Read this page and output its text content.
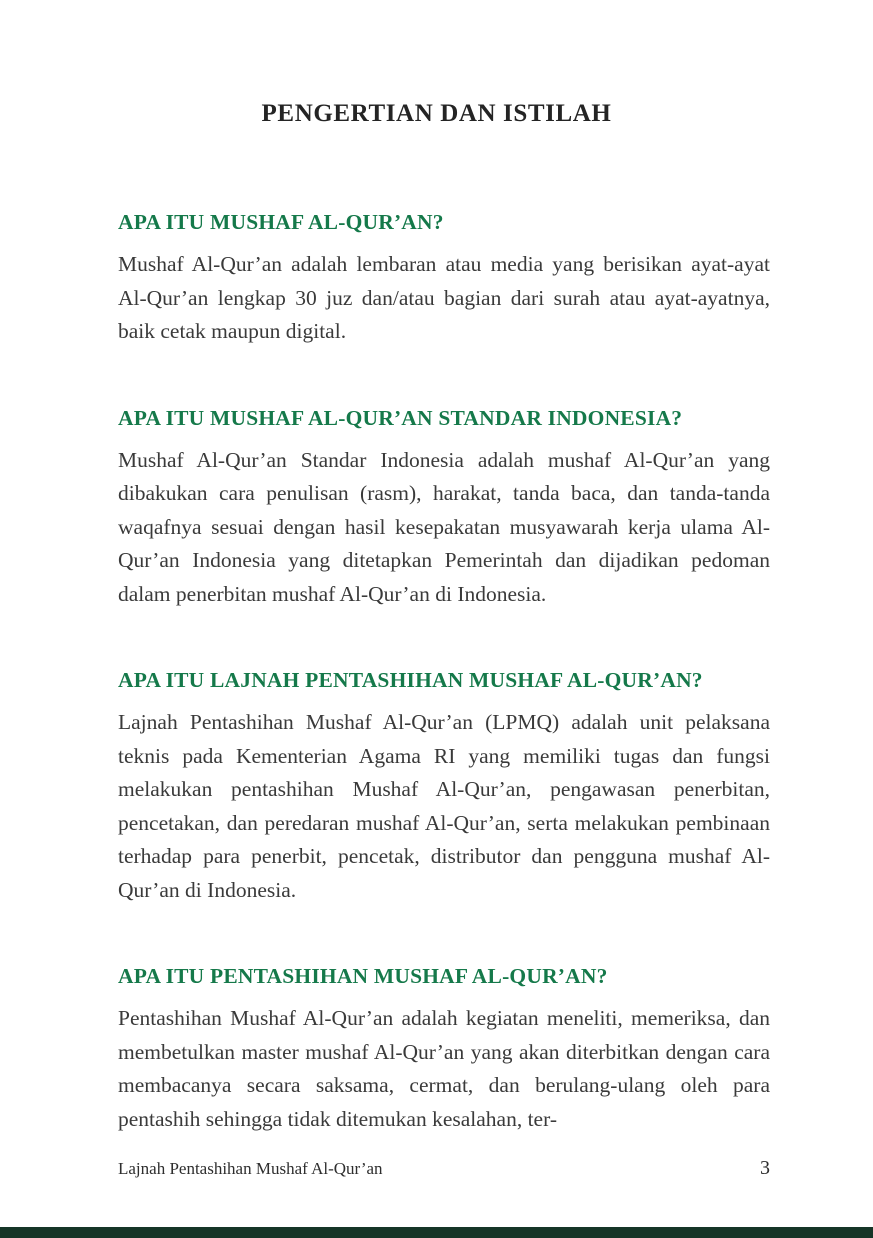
PENGERTIAN DAN ISTILAH
APA ITU MUSHAF AL-QUR’AN?

Mushaf Al-Qur’an adalah lembaran atau media yang berisikan ayat-ayat Al-Qur’an lengkap 30 juz dan/atau bagian dari surah atau ayat-ayatnya, baik cetak maupun digital.

APA ITU MUSHAF AL-QUR’AN STANDAR INDONESIA?

Mushaf Al-Qur’an Standar Indonesia adalah mushaf Al-Qur’an yang dibakukan cara penulisan (rasm), harakat, tanda baca, dan tanda-tanda waqafnya sesuai dengan hasil kesepakatan musyawarah kerja ulama Al-Qur’an Indonesia yang ditetapkan Pemerintah dan dijadikan pedoman dalam penerbitan mushaf Al-Qur’an di Indonesia.

APA ITU LAJNAH PENTASHIHAN MUSHAF AL-QUR’AN?

Lajnah Pentashihan Mushaf Al-Qur’an (LPMQ) adalah unit pelaksana teknis pada Kementerian Agama RI yang memiliki tugas dan fungsi melakukan pentashihan Mushaf Al-Qur’an, pengawasan penerbitan, pencetakan, dan peredaran mushaf Al-Qur’an, serta melakukan pembinaan terhadap para penerbit, pencetak, distributor dan pengguna mushaf Al-Qur’an di Indonesia.

APA ITU PENTASHIHAN MUSHAF AL-QUR’AN?

Pentashihan Mushaf Al-Qur’an adalah kegiatan meneliti, memeriksa, dan membetulkan master mushaf Al-Qur’an yang akan diterbitkan dengan cara membacanya secara saksama, cermat, dan berulang-ulang oleh para pentashih sehingga tidak ditemukan kesalahan, ter-

Lajnah Pentashihan Mushaf Al-Qur’an	3
